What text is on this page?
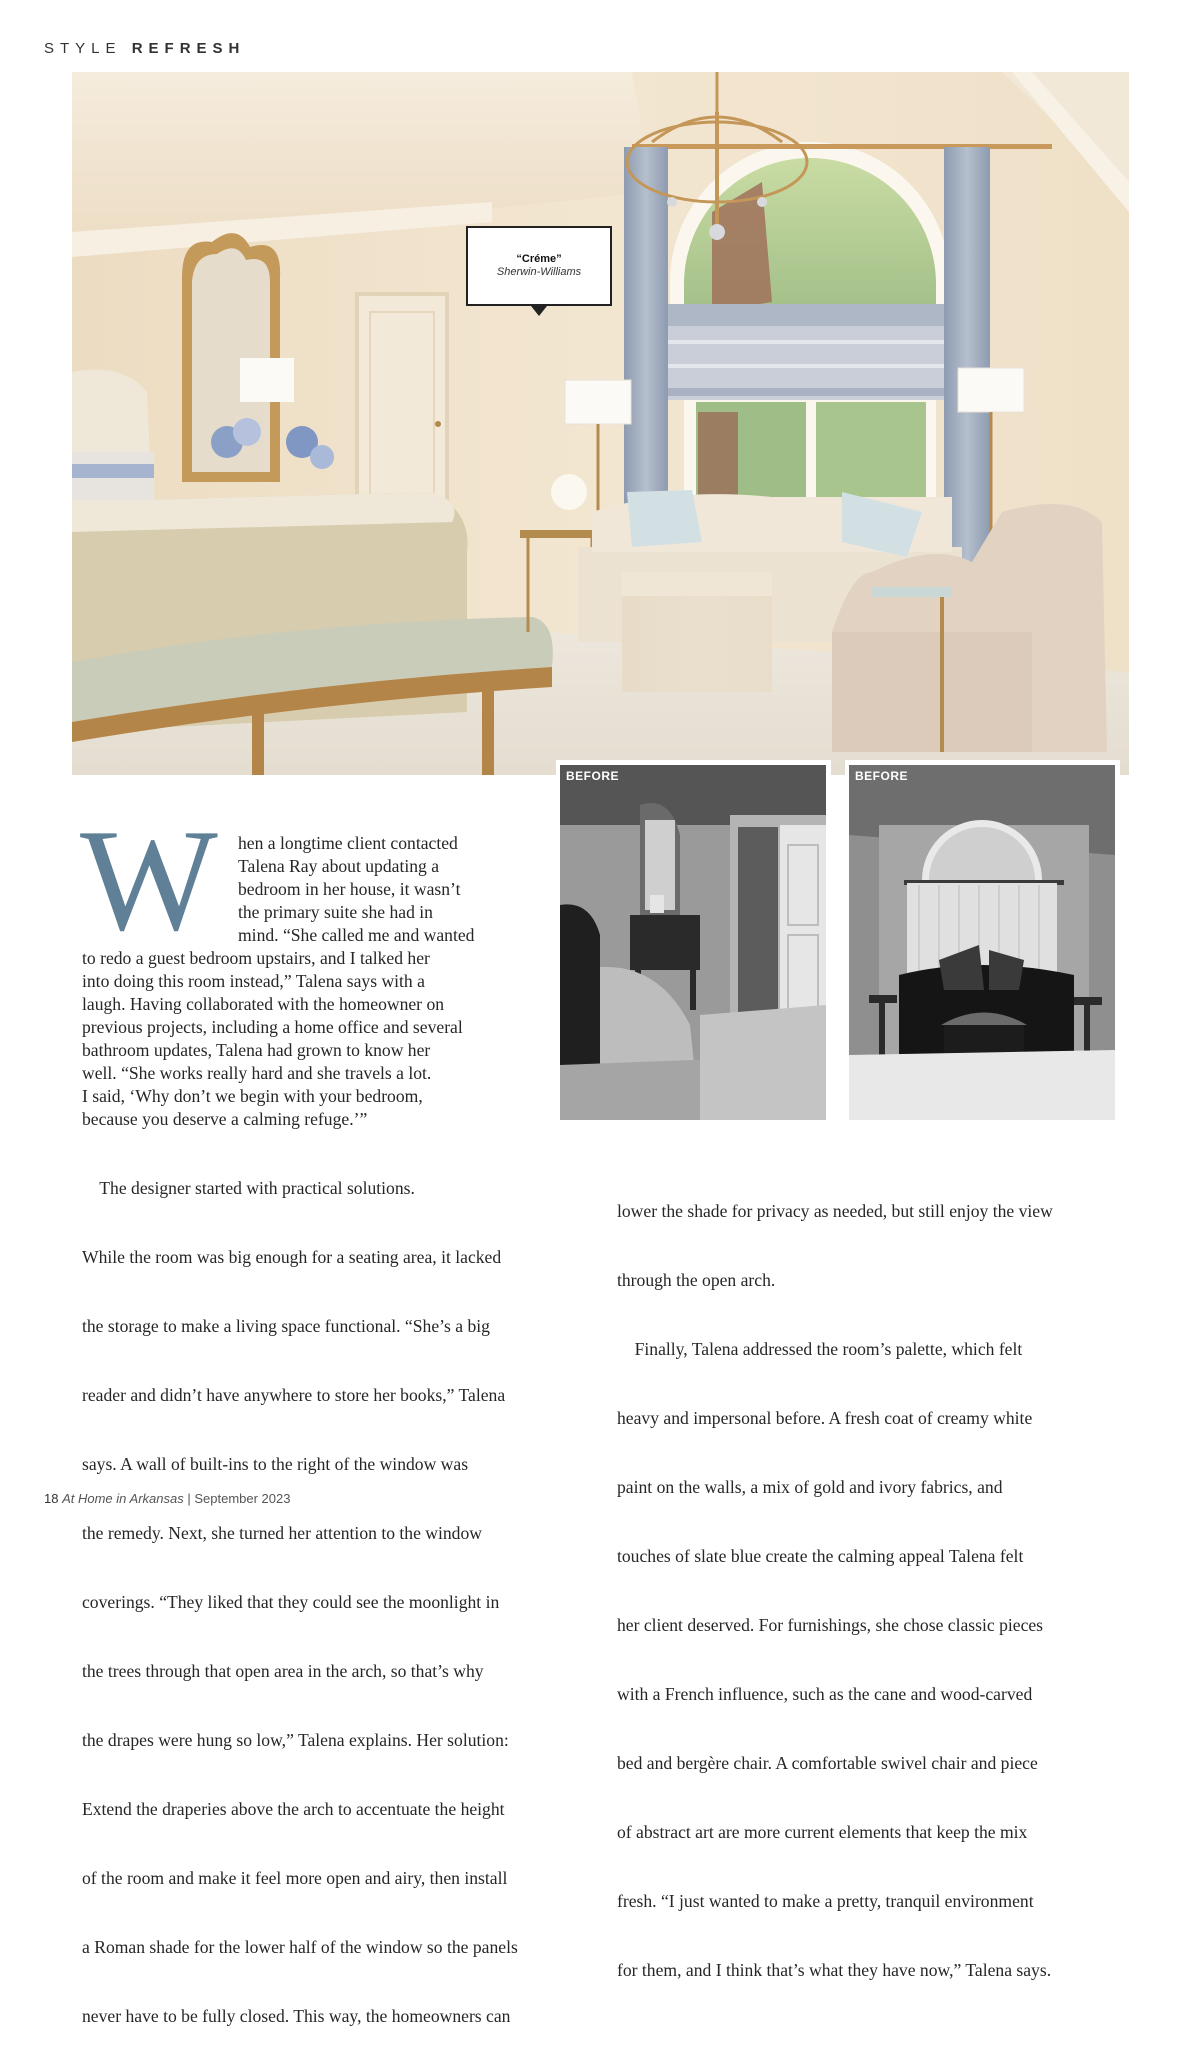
STYLE REFRESH
“Créme”
Sherwin-Williams
BEFORE	BEFORE
W hen a longtime client contacted

Talena Ray about updating a

bedroom in her house, it wasn’t

the primary suite she had in

mind. “She called me and wanted

to redo a guest bedroom upstairs, and I talked her

into doing this room instead,” Talena says with a

laugh. Having collaborated with the homeowner on

previous projects, including a home office and several

bathroom updates, Talena had grown to know her

well. “She works really hard and she travels a lot.

I said, ‘Why don’t we begin with your bedroom,

because you deserve a calming refuge.’”

The designer started with practical solutions.

While the room was big enough for a seating area, it lacked

the storage to make a living space functional. “She’s a big

reader and didn’t have anywhere to store her books,” Talena

says. A wall of built-ins to the right of the window was

the remedy. Next, she turned her attention to the window

coverings. “They liked that they could see the moonlight in

the trees through that open area in the arch, so that’s why

the drapes were hung so low,” Talena explains. Her solution:

Extend the draperies above the arch to accentuate the height

of the room and make it feel more open and airy, then install

a Roman shade for the lower half of the window so the panels

never have to be fully closed. This way, the homeowners can

lower the shade for privacy as needed, but still enjoy the view

through the open arch.

Finally, Talena addressed the room’s palette, which felt

heavy and impersonal before. A fresh coat of creamy white

paint on the walls, a mix of gold and ivory fabrics, and

touches of slate blue create the calming appeal Talena felt

her client deserved. For furnishings, she chose classic pieces

with a French influence, such as the cane and wood-carved

bed and bergère chair. A comfortable swivel chair and piece

of abstract art are more current elements that keep the mix

fresh. “I just wanted to make a pretty, tranquil environment

for them, and I think that’s what they have now,” Talena says.

18 At Home in Arkansas | September 2023
